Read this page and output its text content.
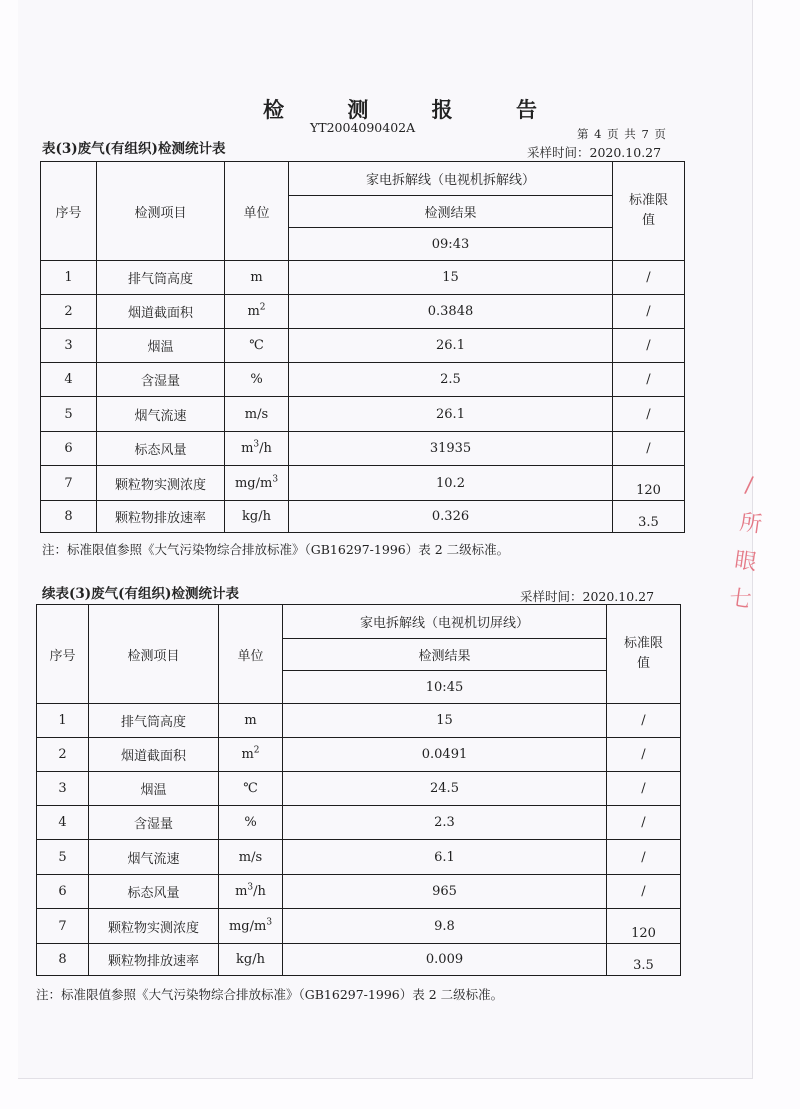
检 测 报 告
YT2004090402A	第 4 页 共 7 页
表(3)废气(有组织)检测统计表	采样时间：2020.10.27
序号	检测项目	单位	家电拆解线（电视机拆解线）	标准限值
			检测结果	
			09:43	
1	排气筒高度	m	15	/
2	烟道截面积	$m^2$	0.3848	/
3	烟温	℃	26.1	/
4	含湿量	%	2.5	/
5	烟气流速	m/s	26.1	/
6	标态风量	$m^3/h$	31935	/
7	颗粒物实测浓度	$mg/m^3$	10.2	120
8	颗粒物排放速率	kg/h	0.326	3.5
注：标准限值参照《大气污染物综合排放标准》（GB16297-1996）表 2 二级标准。
续表(3)废气(有组织)检测统计表	采样时间：2020.10.27
序号	检测项目	单位	家电拆解线（电视机切屏线）	标准限值
			检测结果	
			10:45	
1	排气筒高度	m	15	/
2	烟道截面积	$m^2$	0.0491	/
3	烟温	℃	24.5	/
4	含湿量	%	2.3	/
5	烟气流速	m/s	6.1	/
6	标态风量	$m^3/h$	965	/
7	颗粒物实测浓度	$mg/m^3$	9.8	120
8	颗粒物排放速率	kg/h	0.009	3.5
注：标准限值参照《大气污染物综合排放标准》（GB16297-1996）表 2 二级标准。
/
所
眼
七
